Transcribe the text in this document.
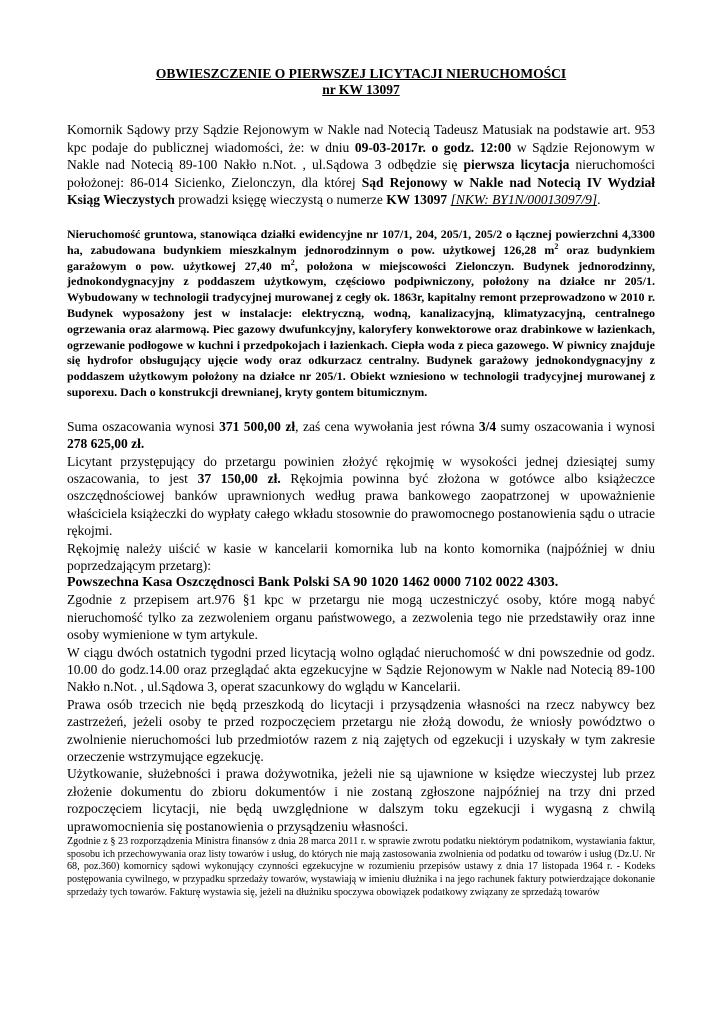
OBWIESZCZENIE O PIERWSZEJ LICYTACJI NIERUCHOMOŚCI
nr KW 13097

Komornik Sądowy przy Sądzie Rejonowym w Nakle nad Notecią Tadeusz Matusiak na podstawie art. 953 kpc podaje do publicznej wiadomości, że: w dniu 09-03-2017r. o godz. 12:00 w Sądzie Rejonowym w Nakle nad Notecią 89-100 Nakło n.Not. , ul.Sądowa 3 odbędzie się pierwsza licytacja nieruchomości położonej: 86-014 Sicienko, Zielonczyn, dla której Sąd Rejonowy w Nakle nad Notecią IV Wydział Ksiąg Wieczystych prowadzi księgę wieczystą o numerze KW 13097 [NKW: BY1N/00013097/9].

Nieruchomość gruntowa, stanowiąca działki ewidencyjne nr 107/1, 204, 205/1, 205/2 o łącznej powierzchni 4,3300 ha, zabudowana budynkiem mieszkalnym jednorodzinnym o pow. użytkowej 126,28 $m^2$ oraz budynkiem garażowym o pow. użytkowej 27,40 $m^2$, położona w miejscowości Zielonczyn. Budynek jednorodzinny, jednokondygnacyjny z poddaszem użytkowym, częściowo podpiwniczony, położony na działce nr 205/1. Wybudowany w technologii tradycyjnej murowanej z cegły ok. 1863r, kapitalny remont przeprowadzono w 2010 r. Budynek wyposażony jest w instalacje: elektryczną, wodną, kanalizacyjną, klimatyzacyjną, centralnego ogrzewania oraz alarmową. Piec gazowy dwufunkcyjny, kaloryfery konwektorowe oraz drabinkowe w łazienkach, ogrzewanie podłogowe w kuchni i przedpokojach i łazienkach. Ciepła woda z pieca gazowego. W piwnicy znajduje się hydrofor obsługujący ujęcie wody oraz odkurzacz centralny. Budynek garażowy jednokondygnacyjny z poddaszem użytkowym położony na działce nr 205/1. Obiekt wzniesiono w technologii tradycyjnej murowanej z suporexu. Dach o konstrukcji drewnianej, kryty gontem bitumicznym.

Suma oszacowania wynosi 371 500,00 zł, zaś cena wywołania jest równa 3/4 sumy oszacowania i wynosi 278 625,00 zł.
Licytant przystępujący do przetargu powinien złożyć rękojmię w wysokości jednej dziesiątej sumy oszacowania, to jest 37 150,00 zł. Rękojmia powinna być złożona w gotówce albo książeczce oszczędnościowej banków uprawnionych według prawa bankowego zaopatrzonej w upoważnienie właściciela książeczki do wypłaty całego wkładu stosownie do prawomocnego postanowienia sądu o utracie rękojmi.
Rękojmię należy uiścić w kasie w kancelarii komornika lub na konto komornika (najpóźniej w dniu poprzedzającym przetarg):
Powszechna Kasa Oszczędnosci Bank Polski SA 90 1020 1462 0000 7102 0022 4303.
Zgodnie z przepisem art.976 §1 kpc w przetargu nie mogą uczestniczyć osoby, które mogą nabyć nieruchomość tylko za zezwoleniem organu państwowego, a zezwolenia tego nie przedstawiły oraz inne osoby wymienione w tym artykule.
W ciągu dwóch ostatnich tygodni przed licytacją wolno oglądać nieruchomość w dni powszednie od godz. 10.00 do godz.14.00 oraz przeglądać akta egzekucyjne w Sądzie Rejonowym w Nakle nad Notecią 89-100 Nakło n.Not. , ul.Sądowa 3, operat szacunkowy do wglądu w Kancelarii.
Prawa osób trzecich nie będą przeszkodą do licytacji i przysądzenia własności na rzecz nabywcy bez zastrzeżeń, jeżeli osoby te przed rozpoczęciem przetargu nie złożą dowodu, że wniosły powództwo o zwolnienie nieruchomości lub przedmiotów razem z nią zajętych od egzekucji i uzyskały w tym zakresie orzeczenie wstrzymujące egzekucję.
Użytkowanie, służebności i prawa dożywotnika, jeżeli nie są ujawnione w księdze wieczystej lub przez złożenie dokumentu do zbioru dokumentów i nie zostaną zgłoszone najpóźniej na trzy dni przed rozpoczęciem licytacji, nie będą uwzględnione w dalszym toku egzekucji i wygasną z chwilą uprawomocnienia się postanowienia o przysądzeniu własności.
Zgodnie z § 23 rozporządzenia Ministra finansów z dnia 28 marca 2011 r. w sprawie zwrotu podatku niektórym podatnikom, wystawiania faktur, sposobu ich przechowywania oraz listy towarów i usług, do których nie mają zastosowania zwolnienia od podatku od towarów i usług (Dz.U. Nr 68, poz.360) komornicy sądowi wykonujący czynności egzekucyjne w rozumieniu przepisów ustawy z dnia 17 listopada 1964 r. - Kodeks postępowania cywilnego, w przypadku sprzedaży towarów, wystawiają w imieniu dłużnika i na jego rachunek faktury potwierdzające dokonanie sprzedaży tych towarów. Fakturę wystawia się, jeżeli na dłużniku spoczywa obowiązek podatkowy związany ze sprzedażą towarów
